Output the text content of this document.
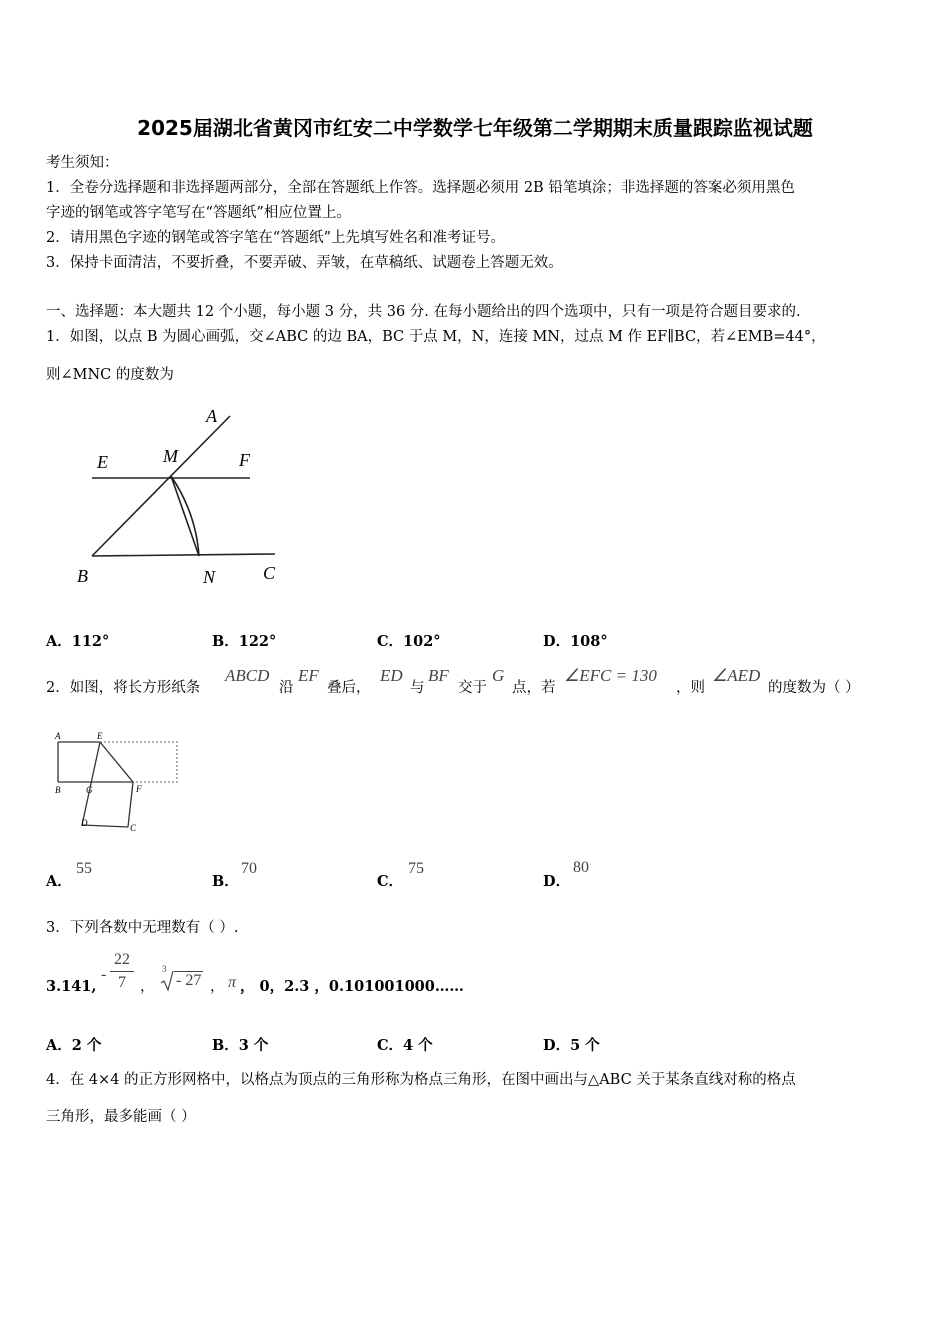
2025届湖北省黄冈市红安二中学数学七年级第二学期期末质量跟踪监视试题
考生须知：
1．全卷分选择题和非选择题两部分，全部在答题纸上作答。选择题必须用 2B 铅笔填涂；非选择题的答案必须用黑色
字迹的钢笔或答字笔写在“答题纸”相应位置上。
2．请用黑色字迹的钢笔或答字笔在“答题纸”上先填写姓名和准考证号。
3．保持卡面清洁，不要折叠，不要弄破、弄皱，在草稿纸、试题卷上答题无效。
一、选择题：本大题共 12 个小题，每小题 3 分，共 36 分. 在每小题给出的四个选项中，只有一项是符合题目要求的.
1．如图，以点 B 为圆心画弧，交∠ABC 的边 BA，BC 于点 M，N，连接 MN，过点 M 作 EF∥BC，若∠EMB=44°，
则∠MNC 的度数为
A
E	M	F
B	N	C
A．112°	B．122°	C．102°	D．108°
2．如图，将长方形纸条
ABCD
沿
EF
叠后，
ED
与
BF
交于
G
点，若
∠EFC = 130
，则
∠AED
的度数为（ ）
A	E
B	G	F
D	C
A．
55
B．
70
C．
75
D．
80
3．下列各数中无理数有（ ）.
3.141,
-
22
7 ，
3
- 27 ， π ， 0，2.3 ，0.101001000……
A．2 个	B．3 个	C．4 个	D．5 个
4．在 4×4 的正方形网格中，以格点为顶点的三角形称为格点三角形，在图中画出与△ABC 关于某条直线对称的格点
三角形，最多能画（ ）
